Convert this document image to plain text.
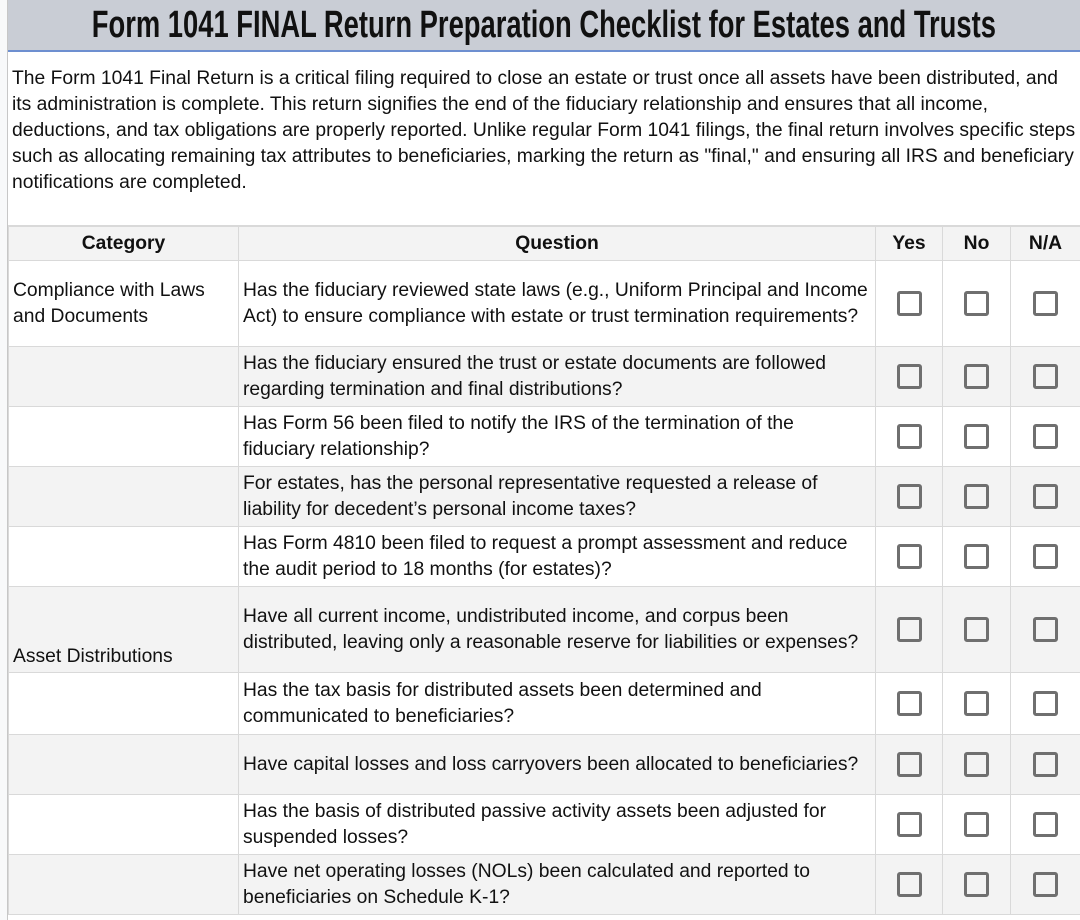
Form 1041 FINAL Return Preparation Checklist for Estates and Trusts
The Form 1041 Final Return is a critical filing required to close an estate or trust once all assets have been distributed, and its administration is complete. This return signifies the end of the fiduciary relationship and ensures that all income, deductions, and tax obligations are properly reported. Unlike regular Form 1041 filings, the final return involves specific steps such as allocating remaining tax attributes to beneficiaries, marking the return as "final," and ensuring all IRS and beneficiary notifications are completed.
Category	Question	Yes	No	N/A
Compliance with Laws and Documents	Has the fiduciary reviewed state laws (e.g., Uniform Principal and Income Act) to ensure compliance with estate or trust termination requirements?			
	Has the fiduciary ensured the trust or estate documents are followed regarding termination and final distributions?			
	Has Form 56 been filed to notify the IRS of the termination of the fiduciary relationship?			
	For estates, has the personal representative requested a release of liability for decedent’s personal income taxes?			
	Has Form 4810 been filed to request a prompt assessment and reduce the audit period to 18 months (for estates)?			
Asset Distributions	Have all current income, undistributed income, and corpus been distributed, leaving only a reasonable reserve for liabilities or expenses?			
	Has the tax basis for distributed assets been determined and communicated to beneficiaries?			
	Have capital losses and loss carryovers been allocated to beneficiaries?			
	Has the basis of distributed passive activity assets been adjusted for suspended losses?			
	Have net operating losses (NOLs) been calculated and reported to beneficiaries on Schedule K-1?			
